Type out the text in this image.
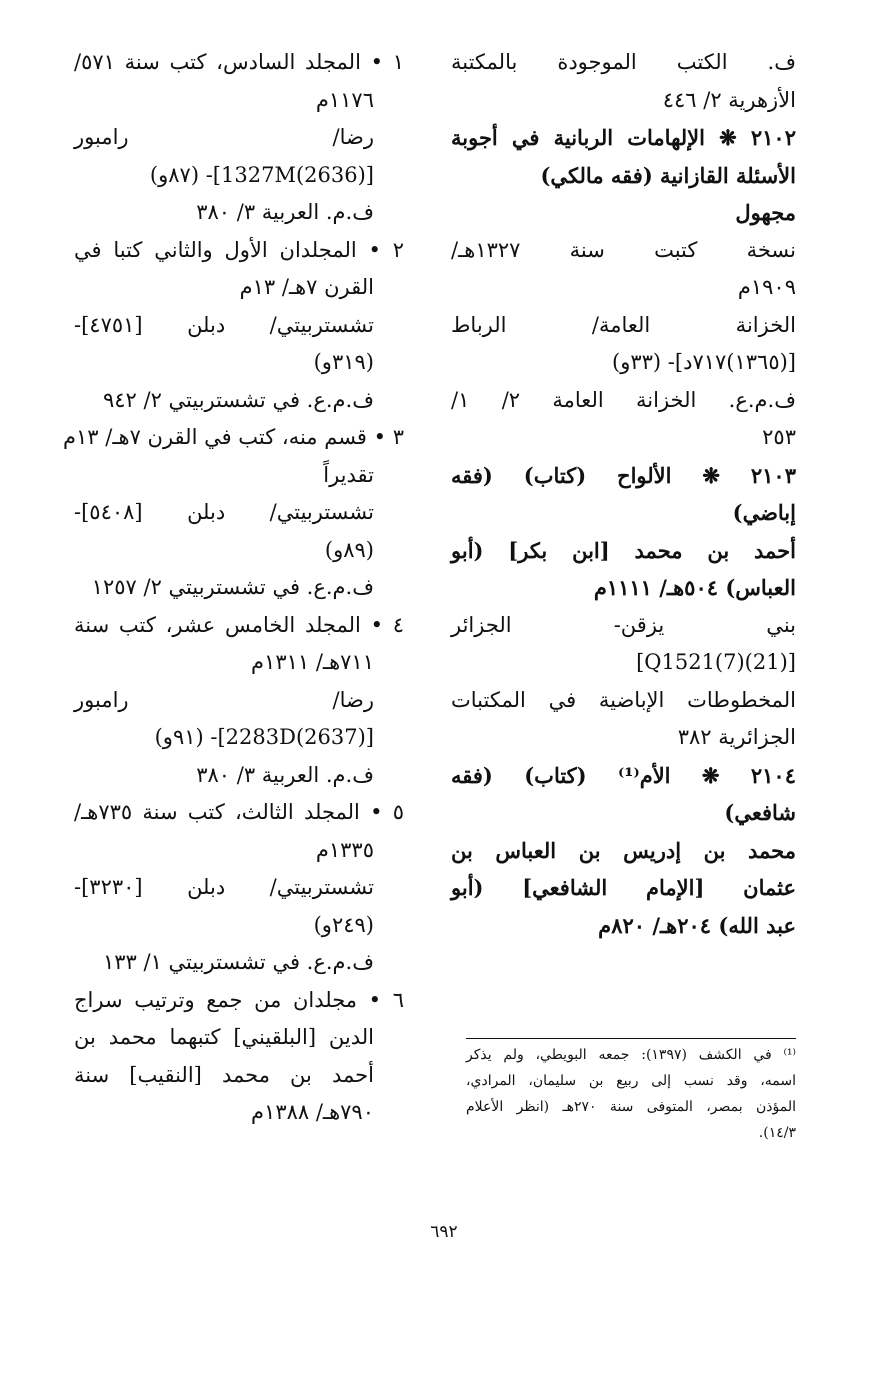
ف. الكتب الموجودة بالمكتبة
الأزهرية ٢/ ٤٤٦
٢١٠٢ ❋ الإلهامات الربانية في أجوبة
الأسئلة القازانية (فقه مالكي)
مجهول
نسخة كتبت سنة ١٣٢٧هـ/
١٩٠٩م
الخزانة العامة/ الرباط
[(١٣٦٥)٧١٧د]- (٣٣و)
ف.م.ع. الخزانة العامة ٢/ ١/
٢٥٣
٢١٠٣ ❋ الألواح (كتاب) (فقه
إباضي)
أحمد بن محمد [ابن بكر] (أبو
العباس) ٥٠٤هـ/ ١١١١م
بني يزقن- الجزائر
[(21)Q1521(7)]
المخطوطات الإباضية في المكتبات
الجزائرية ٣٨٢
٢١٠٤ ❋ الأم⁽¹⁾ (كتاب) (فقه
شافعي)
محمد بن إدريس بن العباس بن
عثمان [الإمام الشافعي] (أبو
عبد الله) ٢٠٤هـ/ ٨٢٠م
١ • المجلد السادس، كتب سنة ٥٧١/
١١٧٦م
رضا/ رامبور
[(2636)1327M]- (٨٧و)
ف.م. العربية ٣/ ٣٨٠
٢ • المجلدان الأول والثاني كتبا في
القرن ٧هـ/ ١٣م
تشستربيتي/ دبلن [٤٧٥١]-
(٣١٩و)
ف.م.ع. في تشستربيتي ٢/ ٩٤٢
٣ • قسم منه، كتب في القرن ٧هـ/ ١٣م
تقديراً
تشستربيتي/ دبلن [٥٤٠٨]-
(٨٩و)
ف.م.ع. في تشستربيتي ٢/ ١٢٥٧
٤ • المجلد الخامس عشر، كتب سنة
٧١١هـ/ ١٣١١م
رضا/ رامبور
[(2637)2283D]- (٩١و)
ف.م. العربية ٣/ ٣٨٠
٥ • المجلد الثالث، كتب سنة ٧٣٥هـ/
١٣٣٥م
تشستربيتي/ دبلن [٣٢٣٠]-
(٢٤٩و)
ف.م.ع. في تشستربيتي ١/ ١٣٣
٦ • مجلدان من جمع وترتيب سراج
الدين [البلقيني] كتبهما محمد بن
أحمد بن محمد [النقيب] سنة
٧٩٠هـ/ ١٣٨٨م
⁽¹⁾ في الكشف (١٣٩٧): جمعه البويطي، ولم يذكر
اسمه، وقد نسب إلى ربيع بن سليمان، المرادي،
المؤذن بمصر، المتوفى سنة ٢٧٠هـ (انظر الأعلام
١٤/٣).
٦٩٢
